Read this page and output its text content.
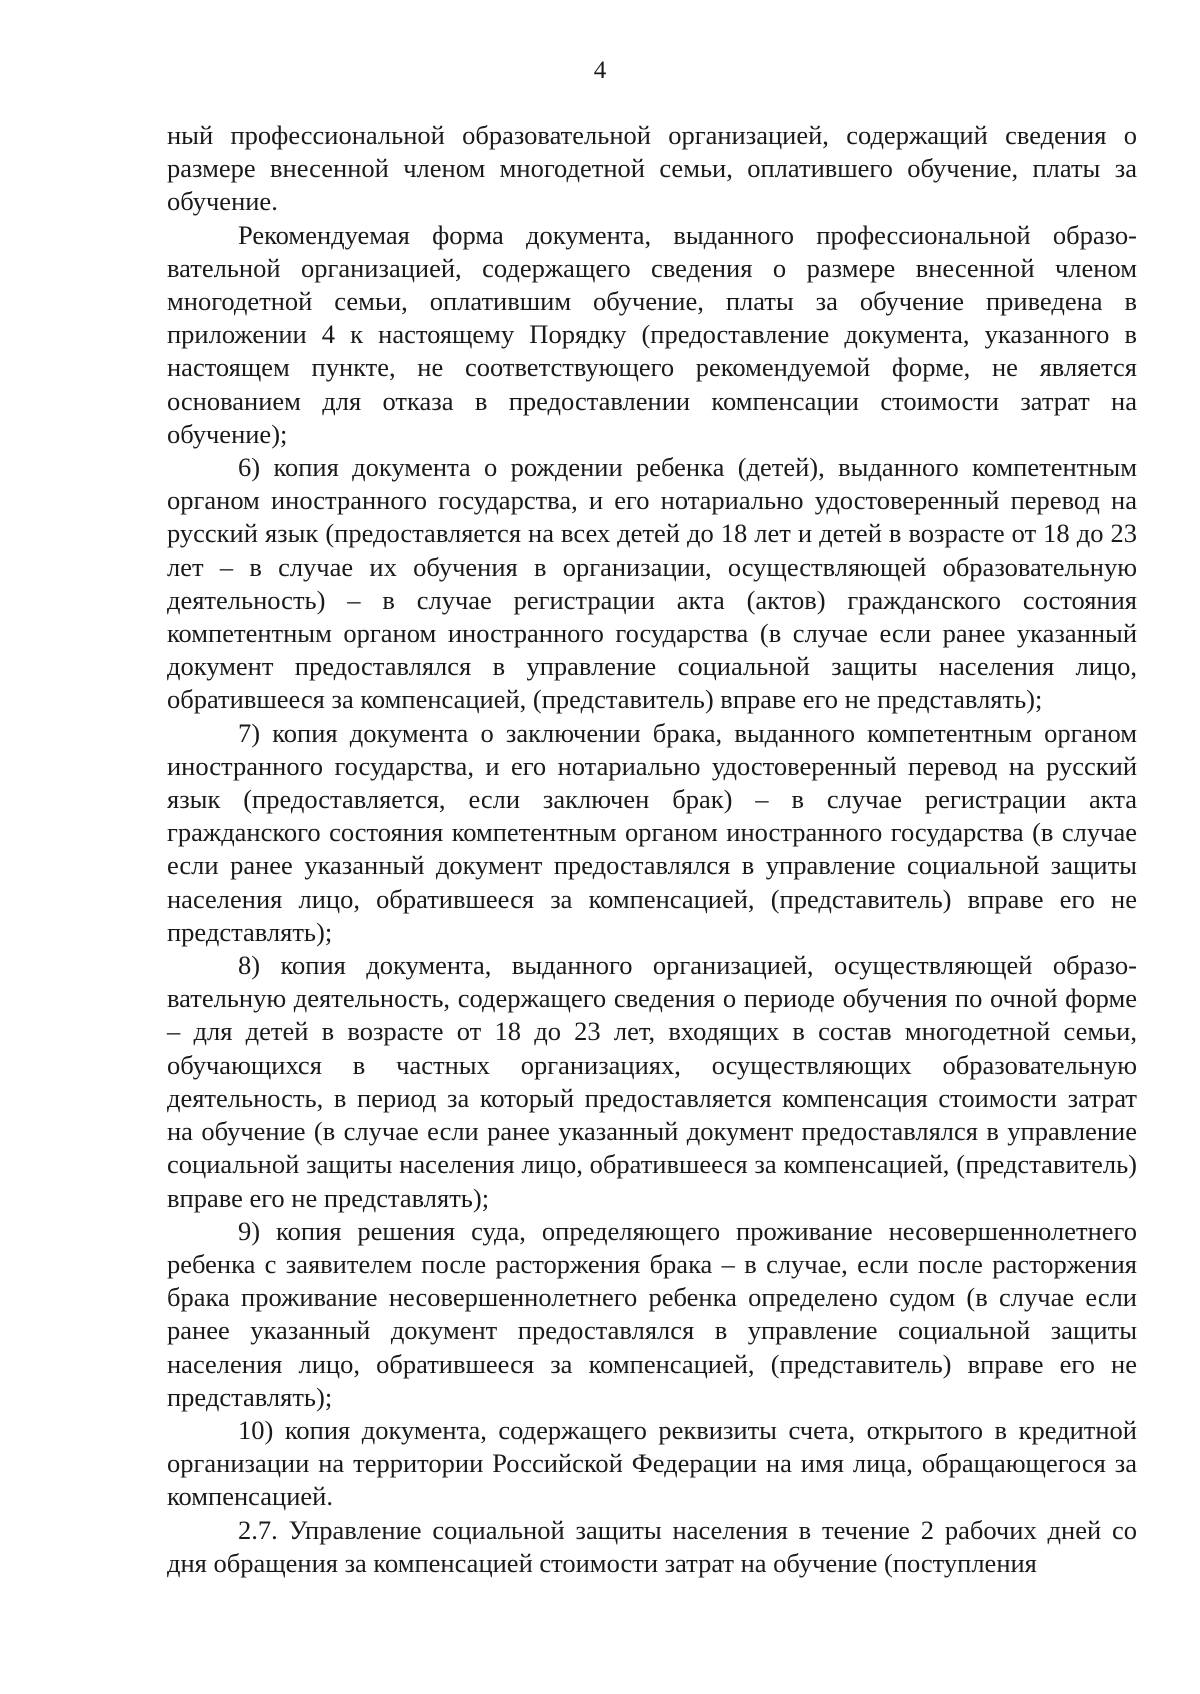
4

ный профессиональной образовательной организацией, содержащий сведения о размере внесенной членом многодетной семьи, оплатившего обучение, платы за обучение.

Рекомендуемая форма документа, выданного профессиональной образовательной организацией, содержащего сведения о размере внесенной членом многодетной семьи, оплатившим обучение, платы за обучение приведена в приложении 4 к настоящему Порядку (предоставление документа, указанного в настоящем пункте, не соответствующего рекомендуемой форме, не является основанием для отказа в предоставлении компенсации стоимости затрат на обучение);

6) копия документа о рождении ребенка (детей), выданного компетентным органом иностранного государства, и его нотариально удостоверенный перевод на русский язык (предоставляется на всех детей до 18 лет и детей в возрасте от 18 до 23 лет – в случае их обучения в организации, осуществляющей образовательную деятельность) – в случае регистрации акта (актов) гражданского состояния компетентным органом иностранного государства (в случае если ранее указанный документ предоставлялся в управление социальной защиты населения лицо, обратившееся за компенсацией, (представитель) вправе его не представлять);

7) копия документа о заключении брака, выданного компетентным органом иностранного государства, и его нотариально удостоверенный перевод на русский язык (предоставляется, если заключен брак) – в случае регистрации акта гражданского состояния компетентным органом иностранного государства (в случае если ранее указанный документ предоставлялся в управление социальной защиты населения лицо, обратившееся за компенсацией, (представитель) вправе его не представлять);

8) копия документа, выданного организацией, осуществляющей образовательную деятельность, содержащего сведения о периоде обучения по очной форме – для детей в возрасте от 18 до 23 лет, входящих в состав многодетной семьи, обучающихся в частных организациях, осуществляющих образовательную деятельность, в период за который предоставляется компенсация стоимости затрат на обучение (в случае если ранее указанный документ предоставлялся в управление социальной защиты населения лицо, обратившееся за компенсацией, (представитель) вправе его не представлять);

9) копия решения суда, определяющего проживание несовершеннолетнего ребенка с заявителем после расторжения брака – в случае, если после расторжения брака проживание несовершеннолетнего ребенка определено судом (в случае если ранее указанный документ предоставлялся в управление социальной защиты населения лицо, обратившееся за компенсацией, (представитель) вправе его не представлять);

10) копия документа, содержащего реквизиты счета, открытого в кредитной организации на территории Российской Федерации на имя лица, обращающегося за компенсацией.

2.7. Управление социальной защиты населения в течение 2 рабочих дней со дня обращения за компенсацией стоимости затрат на обучение (поступления
